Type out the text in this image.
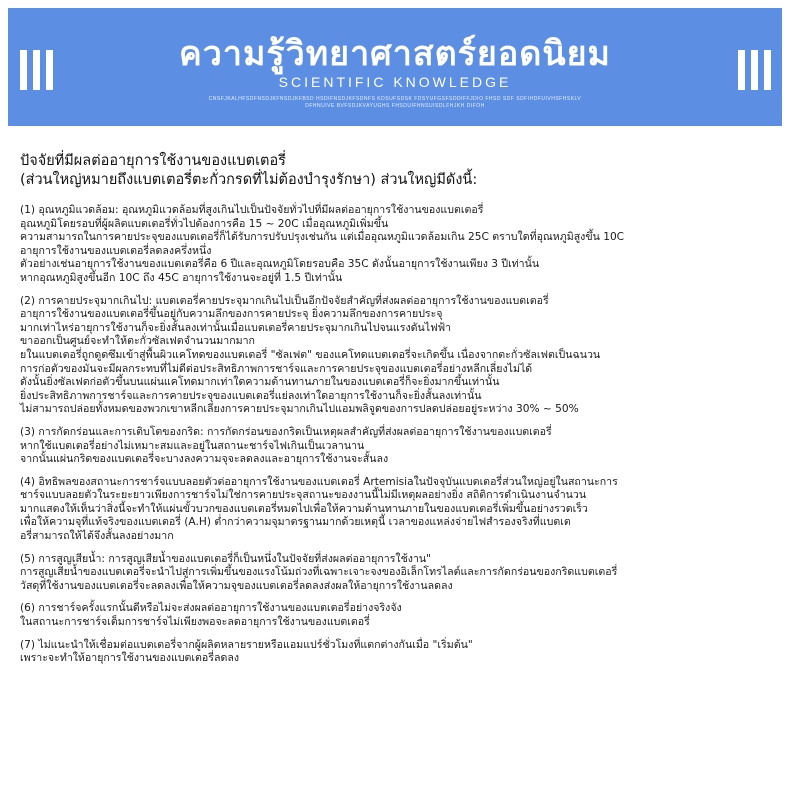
ความรู้วิทยาศาสตร์ยอดนิยม
SCIENTIFIC KNOWLEDGE
CNSFJKALHFSDFNSDJKFNSDJKFBSD HSDIFNSDJKFSDNFS KDSUFSDSK FDSYUFGSFSDDIFFJDIO FHSD SDF SDFIHDFUIVHSFHSKLV DFHNUIVE BVFSDJKVAYUGHS FHSDUIFHNSUISDLFHJKH DIFOH
ปัจจัยที่มีผลต่ออายุการใช้งานของแบตเตอรี่
(ส่วนใหญ่หมายถึงแบตเตอรี่ตะกั่วกรดที่ไม่ต้องบำรุงรักษา) ส่วนใหญ่มีดังนี้:
(1) อุณหภูมิแวดล้อม: อุณหภูมิแวดล้อมที่สูงเกินไปเป็นปัจจัยทั่วไปที่มีผลต่ออายุการใช้งานของแบตเตอรี่
อุณหภูมิโดยรอบที่ผู้ผลิตแบตเตอรี่ทั่วไปต้องการคือ 15 ~ 20C เมื่ออุณหภูมิเพิ่มขึ้น
ความสามารถในการคายประจุของแบตเตอรี่ก็ได้รับการปรับปรุงเช่นกัน แต่เมื่ออุณหภูมิแวดล้อมเกิน 25C ตราบใดที่อุณหภูมิสูงขึ้น 10C
อายุการใช้งานของแบตเตอรี่ลดลงครึ่งหนึ่ง
ตัวอย่างเช่นอายุการใช้งานของแบตเตอรี่คือ 6 ปีและอุณหภูมิโดยรอบคือ 35C ดังนั้นอายุการใช้งานเพียง 3 ปีเท่านั้น
หากอุณหภูมิสูงขึ้นอีก 10C ถึง 45C อายุการใช้งานจะอยู่ที่ 1.5 ปีเท่านั้น
(2) การคายประจุมากเกินไป: แบตเตอรี่คายประจุมากเกินไปเป็นอีกปัจจัยสำคัญที่ส่งผลต่ออายุการใช้งานของแบตเตอรี่
อายุการใช้งานของแบตเตอรี่ขึ้นอยู่กับความลึกของการคายประจุ ยิ่งความลึกของการคายประจุ
มากเท่าไหร่อายุการใช้งานก็จะยิ่งสั้นลงเท่านั้นเมื่อแบตเตอรี่คายประจุมากเกินไปจนแรงดันไฟฟ้า
ขาออกเป็นศูนย์จะทำให้ตะกั่วซัลเฟตจำนวนมากมาก
ยในแบตเตอรี่ถูกดูดซึมเข้าสู่พื้นผิวแคโทดของแบตเตอรี่ "ซัลเฟต" ของแคโทดแบตเตอรี่จะเกิดขึ้น เนื่องจากตะกั่วซัลเฟตเป็นฉนวน
การก่อตัวของมันจะมีผลกระทบที่ไม่ดีต่อประสิทธิภาพการชาร์จและการคายประจุของแบตเตอรี่อย่างหลีกเลี่ยงไม่ได้
ดังนั้นยิ่งซัลเฟตก่อตัวขึ้นบนแผ่นแคโทดมากเท่าใดความต้านทานภายในของแบตเตอรี่ก็จะยิ่งมากขึ้นเท่านั้น
ยิ่งประสิทธิภาพการชาร์จและการคายประจุของแบตเตอรี่แย่ลงเท่าใดอายุการใช้งานก็จะยิ่งสั้นลงเท่านั้น
ไม่สามารถปล่อยทั้งหมดของพวกเขาหลีกเลี่ยงการคายประจุมากเกินไปแอมพลิจูดของการปลดปล่อยอยู่ระหว่าง 30% ~ 50%
(3) การกัดกร่อนและการเติบโตของกริด: การกัดกร่อนของกริดเป็นเหตุผลสำคัญที่ส่งผลต่ออายุการใช้งานของแบตเตอรี่
หากใช้แบตเตอรี่อย่างไม่เหมาะสมและอยู่ในสถานะชาร์จไฟเกินเป็นเวลานาน
จากนั้นแผ่นกริดของแบตเตอรี่จะบางลงความจุจะลดลงและอายุการใช้งานจะสั้นลง
(4) อิทธิพลของสถานะการชาร์จแบบลอยตัวต่ออายุการใช้งานของแบตเตอรี่ Artemisiaในปัจจุบันแบตเตอรี่ส่วนใหญ่อยู่ในสถานะการ
ชาร์จแบบลอยตัวในระยะยาวเพียงการชาร์จไม่ใช่การคายประจุสถานะของงานนี้ไม่มีเหตุผลอย่างยิ่ง สถิติการดำเนินงานจำนวน
มากแสดงให้เห็นว่าสิ่งนี้จะทำให้แผ่นขั้วบวกของแบตเตอรี่หมดไปเพื่อให้ความต้านทานภายในของแบตเตอรี่เพิ่มขึ้นอย่างรวดเร็ว
เพื่อให้ความจุที่แท้จริงของแบตเตอรี่ (A.H) ต่ำกว่าความจุมาตรฐานมากด้วยเหตุนี้ เวลาของแหล่งจ่ายไฟสำรองจริงที่แบตเต
อรี่สามารถให้ได้จึงสั้นลงอย่างมาก
(5) การสูญเสียน้ำ: การสูญเสียน้ำของแบตเตอรี่ก็เป็นหนึ่งในปัจจัยที่ส่งผลต่ออายุการใช้งาน"
การสูญเสียน้ำของแบตเตอรี่จะนำไปสู่การเพิ่มขึ้นของแรงโน้มถ่วงที่เฉพาะเจาะจงของอิเล็กโทรไลต์และการกัดกร่อนของกริดแบตเตอรี่
วัสดุที่ใช้งานของแบตเตอรี่จะลดลงเพื่อให้ความจุของแบตเตอรี่ลดลงส่งผลให้อายุการใช้งานลดลง
(6) การชาร์จครั้งแรกนั้นดีหรือไม่จะส่งผลต่ออายุการใช้งานของแบตเตอรี่อย่างจริงจัง
ในสถานะการชาร์จเต็มการชาร์จไม่เพียงพอจะลดอายุการใช้งานของแบตเตอรี่
(7) ไม่แนะนำให้เชื่อมต่อแบตเตอรี่จากผู้ผลิตหลายรายหรือแอมแปร์ชั่วโมงที่แตกต่างกันเมื่อ "เริ่มต้น"
เพราะจะทำให้อายุการใช้งานของแบตเตอรี่ลดลง
